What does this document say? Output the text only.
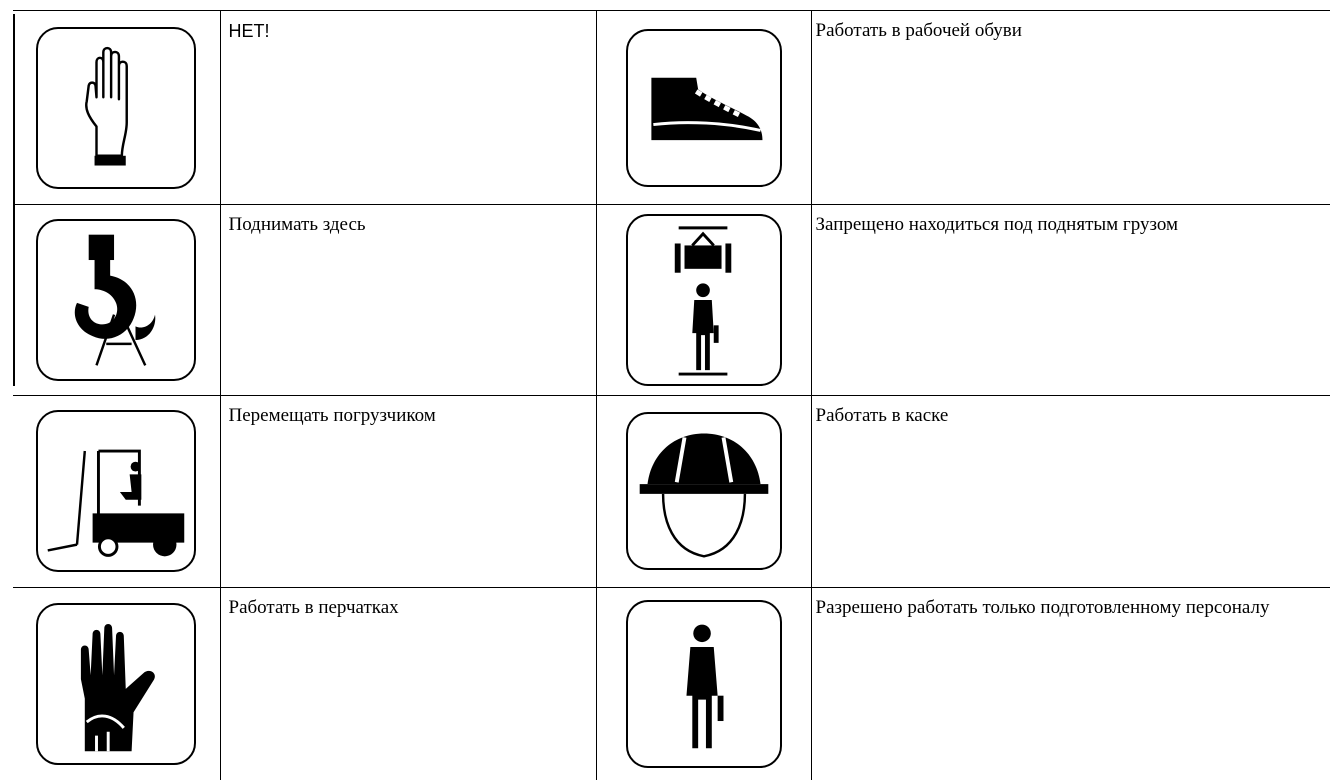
НЕТ!		Работать в рабочей обуви

Поднимать здесь		Запрещено находиться под поднятым грузом

Перемещать погрузчиком		Работать в каске

Работать в перчатках		Разрешено работать только подготовленному персоналу
